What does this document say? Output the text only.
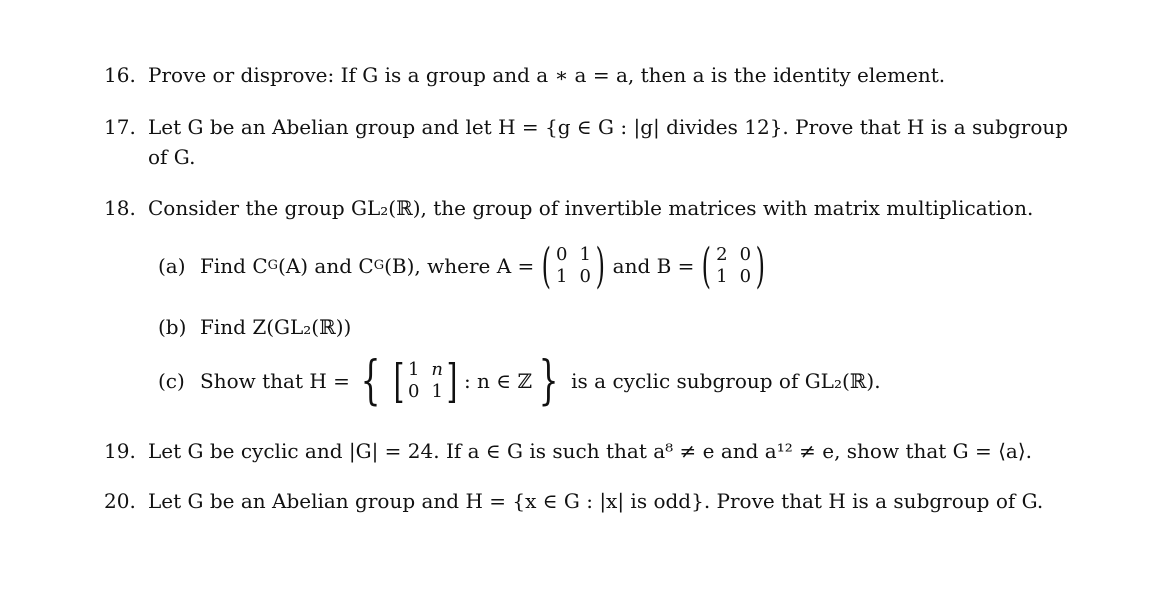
16. Prove or disprove: If G is a group and a ∗ a = a, then a is the identity element.
17. Let G be an Abelian group and let H = {g ∈ G : |g| divides 12}. Prove that H is a subgroup
of G.
18. Consider the group GL₂(ℝ), the group of invertible matrices with matrix multiplication.
(a) Find C G (A) and C G (B), where A = ( 0 1
1 0 ) and B = ( 2 0
1 0 )
(b) Find Z(GL₂(ℝ))
(c) Show that H = { [ 1 n
0 1 ] : n ∈ ℤ } is a cyclic subgroup of GL₂(ℝ).
19. Let G be cyclic and |G| = 24. If a ∈ G is such that a⁸ ≠ e and a¹² ≠ e, show that G = ⟨a⟩.
20. Let G be an Abelian group and H = {x ∈ G : |x| is odd}. Prove that H is a subgroup of G.
